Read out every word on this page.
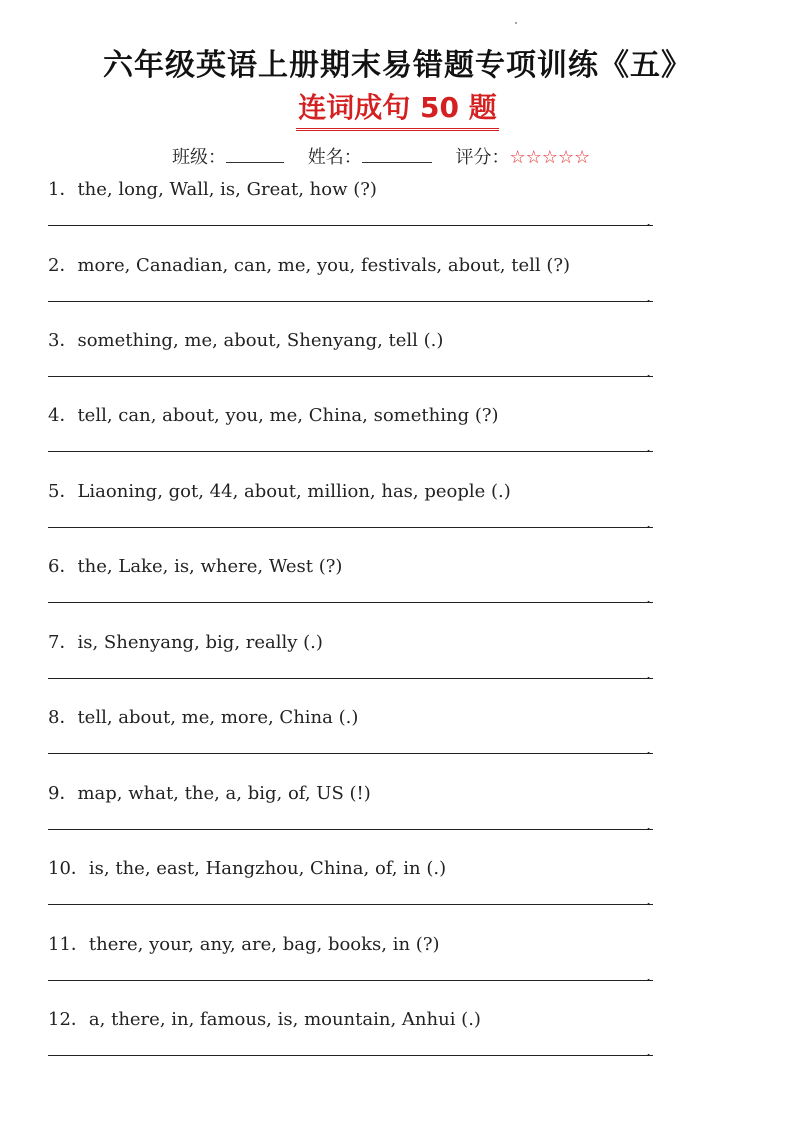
六年级英语上册期末易错题专项训练《五》
连词成句 50 题
班级：	姓名：	评分：☆☆☆☆☆
1．the, long, Wall, is, Great, how (?)
.
2．more, Canadian, can, me, you, festivals, about, tell (?)
.
3．something, me, about, Shenyang, tell (.)
.
4．tell, can, about, you, me, China, something (?)
.
5．Liaoning, got, 44, about, million, has, people (.)
.
6．the, Lake, is, where, West (?)
.
7．is, Shenyang, big, really (.)
.
8．tell, about, me, more, China (.)
.
9．map, what, the, a, big, of, US (!)
.
10．is, the, east, Hangzhou, China, of, in (.)
.
11．there, your, any, are, bag, books, in (?)
.
12．a, there, in, famous, is, mountain, Anhui (.)
.
